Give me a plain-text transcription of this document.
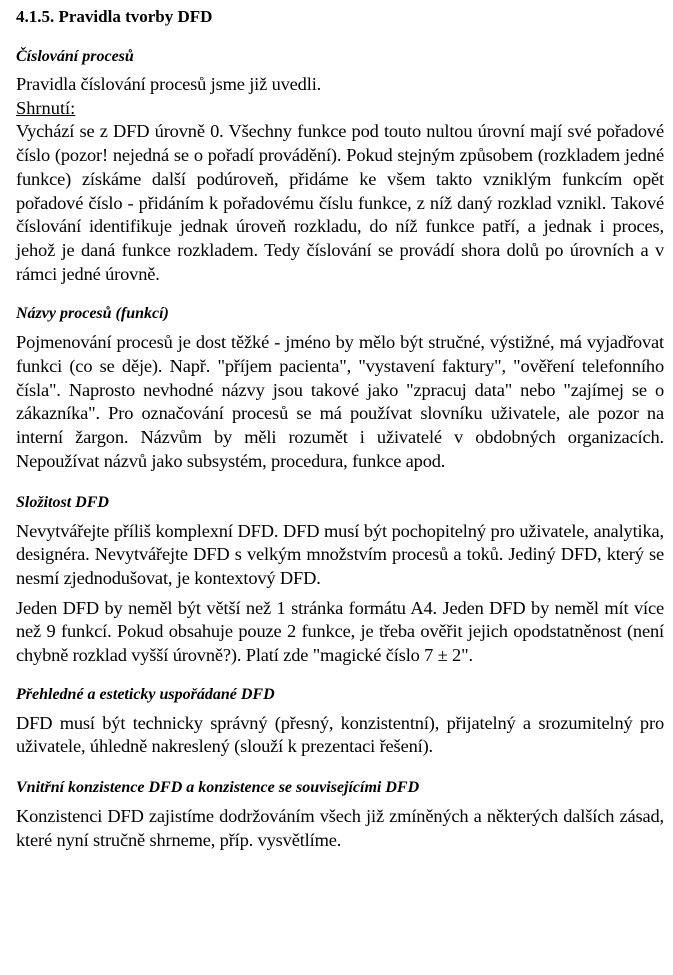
4.1.5. Pravidla tvorby DFD
Číslování procesů

Pravidla číslování procesů jsme již uvedli.

Shrnutí:

Vychází se z DFD úrovně 0. Všechny funkce pod touto nultou úrovní mají své pořadové číslo (pozor! nejedná se o pořadí provádění). Pokud stejným způsobem (rozkladem jedné funkce) získáme další podúroveň, přidáme ke všem takto vzniklým funkcím opět pořadové číslo - přidáním k pořadovému číslu funkce, z níž daný rozklad vznikl. Takové číslování identifikuje jednak úroveň rozkladu, do níž funkce patří, a jednak i proces, jehož je daná funkce rozkladem. Tedy číslování se provádí shora dolů po úrovních a v rámci jedné úrovně.

Názvy procesů (funkcí)

Pojmenování procesů je dost těžké - jméno by mělo být stručné, výstižné, má vyjadřovat funkci (co se děje). Např. "příjem pacienta", "vystavení faktury", "ověření telefonního čísla". Naprosto nevhodné názvy jsou takové jako "zpracuj data" nebo "zajímej se o zákazníka". Pro označování procesů se má používat slovníku uživatele, ale pozor na interní žargon. Názvům by měli rozumět i uživatelé v obdobných organizacích. Nepoužívat názvů jako subsystém, procedura, funkce apod.

Složitost DFD

Nevytvářejte příliš komplexní DFD. DFD musí být pochopitelný pro uživatele, analytika, designéra. Nevytvářejte DFD s velkým množstvím procesů a toků. Jediný DFD, který se nesmí zjednodušovat, je kontextový DFD.

Jeden DFD by neměl být větší než 1 stránka formátu A4. Jeden DFD by neměl mít více než 9 funkcí. Pokud obsahuje pouze 2 funkce, je třeba ověřit jejich opodstatněnost (není chybně rozklad vyšší úrovně?). Platí zde "magické číslo 7 ± 2".

Přehledné a esteticky uspořádané DFD

DFD musí být technicky správný (přesný, konzistentní), přijatelný a srozumitelný pro uživatele, úhledně nakreslený (slouží k prezentaci řešení).

Vnitřní konzistence DFD a konzistence se souvisejícími DFD

Konzistenci DFD zajistíme dodržováním všech již zmíněných a některých dalších zásad, které nyní stručně shrneme, příp. vysvětlíme.
